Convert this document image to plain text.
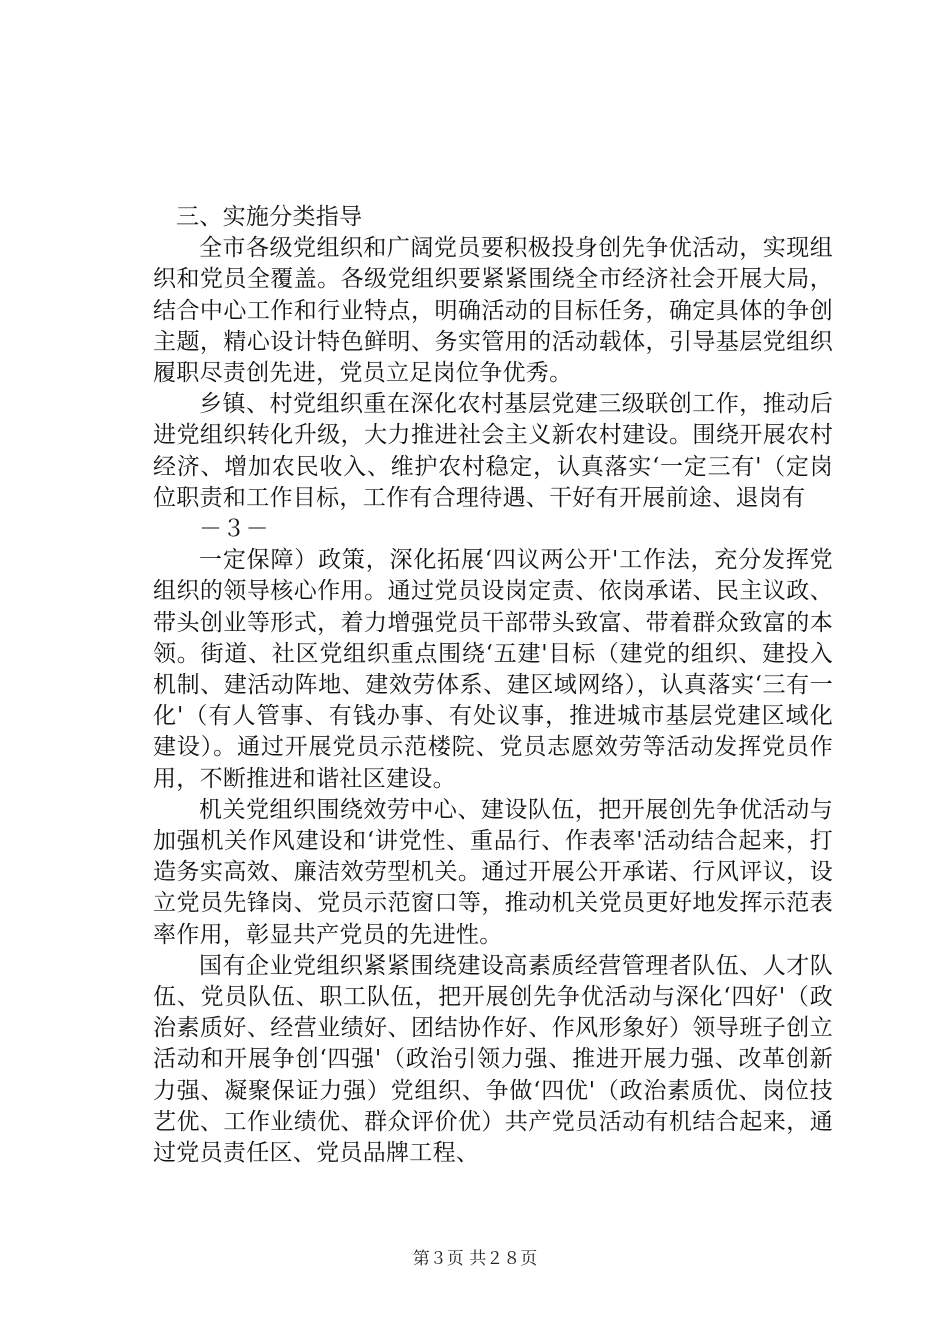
三、实施分类指导

全市各级党组织和广阔党员要积极投身创先争优活动，实现组织和党员全覆盖。各级党组织要紧紧围绕全市经济社会开展大局，结合中心工作和行业特点，明确活动的目标任务，确定具体的争创主题，精心设计特色鲜明、务实管用的活动载体，引导基层党组织履职尽责创先进，党员立足岗位争优秀。

乡镇、村党组织重在深化农村基层党建三级联创工作，推动后进党组织转化升级，大力推进社会主义新农村建设。围绕开展农村经济、增加农民收入、维护农村稳定，认真落实‘一定三有'（定岗位职责和工作目标，工作有合理待遇、干好有开展前途、退岗有

－３－

一定保障）政策，深化拓展‘四议两公开'工作法，充分发挥党组织的领导核心作用。通过党员设岗定责、依岗承诺、民主议政、带头创业等形式，着力增强党员干部带头致富、带着群众致富的本领。街道、社区党组织重点围绕‘五建'目标（建党的组织、建投入机制、建活动阵地、建效劳体系、建区域网络），认真落实‘三有一化'（有人管事、有钱办事、有处议事，推进城市基层党建区域化建设）。通过开展党员示范楼院、党员志愿效劳等活动发挥党员作用，不断推进和谐社区建设。

机关党组织围绕效劳中心、建设队伍，把开展创先争优活动与加强机关作风建设和‘讲党性、重品行、作表率'活动结合起来，打造务实高效、廉洁效劳型机关。通过开展公开承诺、行风评议，设立党员先锋岗、党员示范窗口等，推动机关党员更好地发挥示范表率作用，彰显共产党员的先进性。

国有企业党组织紧紧围绕建设高素质经营管理者队伍、人才队伍、党员队伍、职工队伍，把开展创先争优活动与深化‘四好'（政治素质好、经营业绩好、团结协作好、作风形象好）领导班子创立活动和开展争创‘四强'（政治引领力强、推进开展力强、改革创新力强、凝聚保证力强）党组织、争做‘四优'（政治素质优、岗位技艺优、工作业绩优、群众评价优）共产党员活动有机结合起来，通过党员责任区、党员品牌工程、

第３页 共２８页
